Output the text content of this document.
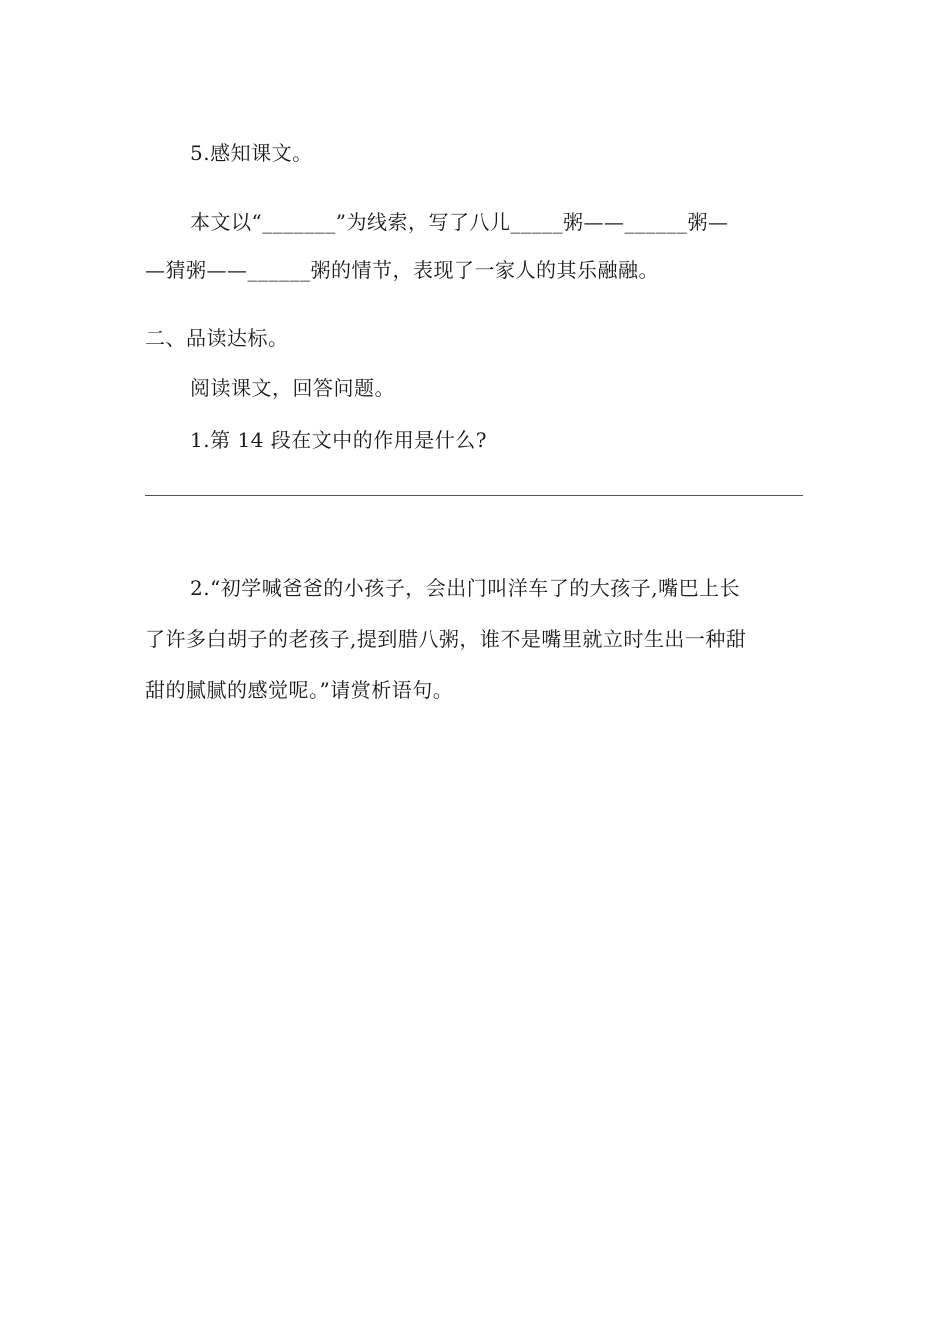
5.感知课文。
本文以“_______”为线索，写了八儿_____粥——______粥—
—猜粥——______粥的情节，表现了一家人的其乐融融。
二、品读达标。
阅读课文，回答问题。
1.第 14 段在文中的作用是什么?
2.“初学喊爸爸的小孩子，会出门叫洋车了的大孩子,嘴巴上长
了许多白胡子的老孩子,提到腊八粥，谁不是嘴里就立时生出一种甜
甜的腻腻的感觉呢。”请赏析语句。
